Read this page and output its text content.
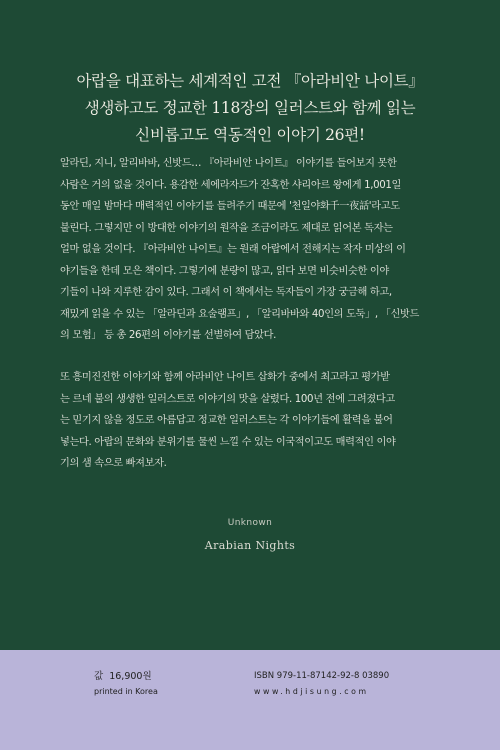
아랍을 대표하는 세계적인 고전 『아라비안 나이트』
생생하고도 정교한 118장의 일러스트와 함께 읽는
신비롭고도 역동적인 이야기 26편!
알라딘, 지니, 알리바바, 신밧드… 『아라비안 나이트』 이야기를 들어보지 못한
사람은 거의 없을 것이다. 용감한 세에라자드가 잔혹한 샤리아르 왕에게 1,001일
동안 매일 밤마다 매력적인 이야기를 들려주기 때문에 '천일야화千一夜話'라고도
불린다. 그렇지만 이 방대한 이야기의 원작을 조금이라도 제대로 읽어본 독자는
얼마 없을 것이다. 『아라비안 나이트』는 원래 아랍에서 전해지는 작자 미상의 이
야기들을 한데 모은 책이다. 그렇기에 분량이 많고, 읽다 보면 비슷비슷한 이야
기들이 나와 지루한 감이 있다. 그래서 이 책에서는 독자들이 가장 궁금해 하고,
재밌게 읽을 수 있는 「알라딘과 요술램프」, 「알리바바와 40인의 도둑」, 「신밧드
의 모험」 등 총 26편의 이야기를 선별하여 담았다.
또 흥미진진한 이야기와 함께 아라비안 나이트 삽화가 중에서 최고라고 평가받
는 르네 불의 생생한 일러스트로 이야기의 맛을 살렸다. 100년 전에 그려졌다고
는 믿기지 않을 정도로 아름답고 정교한 일러스트는 각 이야기들에 활력을 불어
넣는다. 아랍의 문화와 분위기를 물씬 느낄 수 있는 이국적이고도 매력적인 이야
기의 샘 속으로 빠져보자.
Unknown
Arabian Nights
값 16,900원
printed in Korea
ISBN 979-11-87142-92-8 03890
www.hdjisung.com
